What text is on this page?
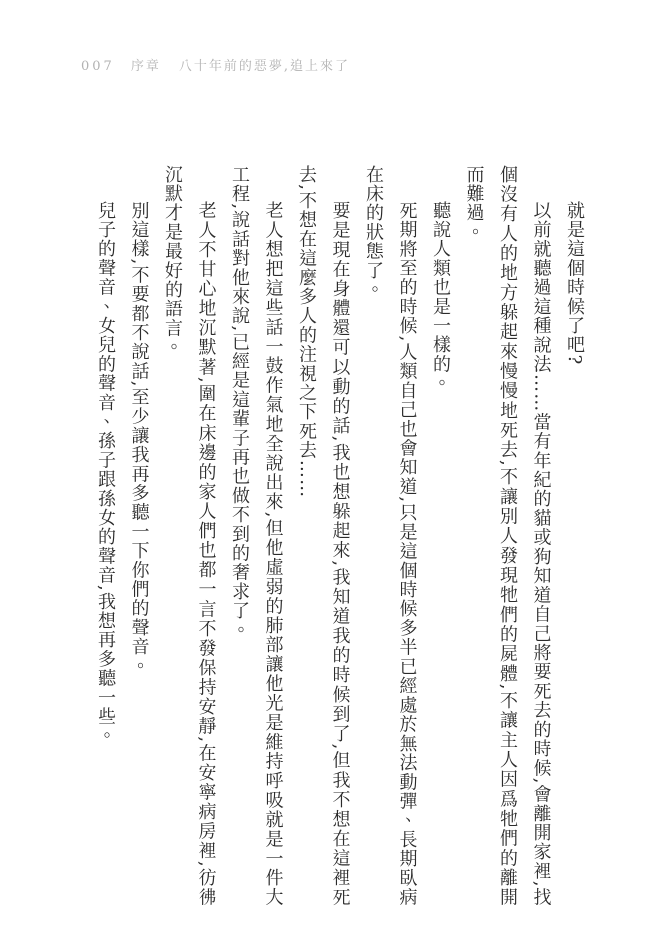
007 序章 八十年前的惡夢,追上來了

就是這個時候了吧?

以前就聽過這種說法……當有年紀的貓或狗知道自己將要死去的時候,會離開家裡,找個沒有人的地方躲起來慢慢地死去,不讓別人發現牠們的屍體,不讓主人因爲牠們的離開而難過。

聽說人類也是一樣的。

死期將至的時候,人類自己也會知道,只是這個時候多半已經處於無法動彈、長期臥病在床的狀態了。

要是現在身體還可以動的話,我也想躲起來,我知道我的時候到了,但我不想在這裡死去,不想在這麼多人的注視之下死去……

老人想把這些話一鼓作氣地全說出來,但他虛弱的肺部讓他光是維持呼吸就是一件大工程,說話對他來說,已經是這輩子再也做不到的奢求了。

老人不甘心地沉默著,圍在床邊的家人們也都一言不發保持安靜,在安寧病房裡,彷彿沉默才是最好的語言。

別這樣,不要都不說話,至少讓我再多聽一下你們的聲音。

兒子的聲音、女兒的聲音、孫子跟孫女的聲音,我想再多聽一些。
